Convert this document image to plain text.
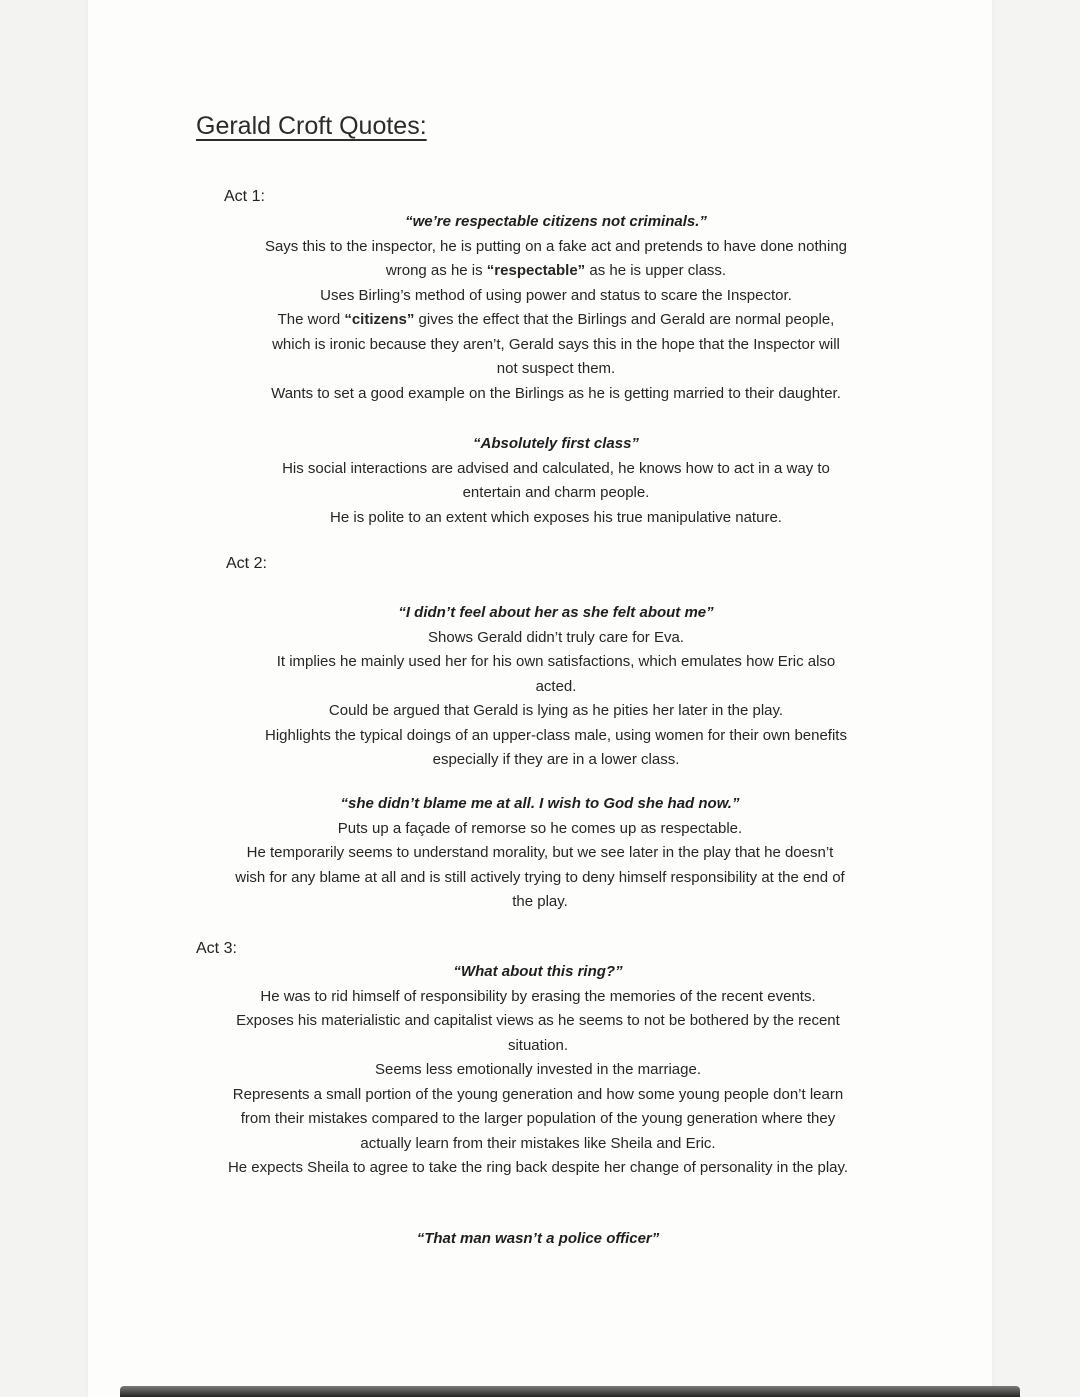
Gerald Croft Quotes:
Act 1:

“we’re respectable citizens not criminals.”

Says this to the inspector, he is putting on a fake act and pretends to have done nothing

wrong as he is “respectable” as he is upper class.

Uses Birling’s method of using power and status to scare the Inspector.

The word “citizens” gives the effect that the Birlings and Gerald are normal people,

which is ironic because they aren’t, Gerald says this in the hope that the Inspector will

not suspect them.

Wants to set a good example on the Birlings as he is getting married to their daughter.

“Absolutely first class”

His social interactions are advised and calculated, he knows how to act in a way to

entertain and charm people.

He is polite to an extent which exposes his true manipulative nature.

Act 2:

“I didn’t feel about her as she felt about me”

Shows Gerald didn’t truly care for Eva.

It implies he mainly used her for his own satisfactions, which emulates how Eric also

acted.

Could be argued that Gerald is lying as he pities her later in the play.

Highlights the typical doings of an upper-class male, using women for their own benefits

especially if they are in a lower class.

“she didn’t blame me at all. I wish to God she had now.”

Puts up a façade of remorse so he comes up as respectable.

He temporarily seems to understand morality, but we see later in the play that he doesn’t

wish for any blame at all and is still actively trying to deny himself responsibility at the end of

the play.

Act 3:

“What about this ring?”

He was to rid himself of responsibility by erasing the memories of the recent events.

Exposes his materialistic and capitalist views as he seems to not be bothered by the recent

situation.

Seems less emotionally invested in the marriage.

Represents a small portion of the young generation and how some young people don’t learn

from their mistakes compared to the larger population of the young generation where they

actually learn from their mistakes like Sheila and Eric.

He expects Sheila to agree to take the ring back despite her change of personality in the play.

“That man wasn’t a police officer”
